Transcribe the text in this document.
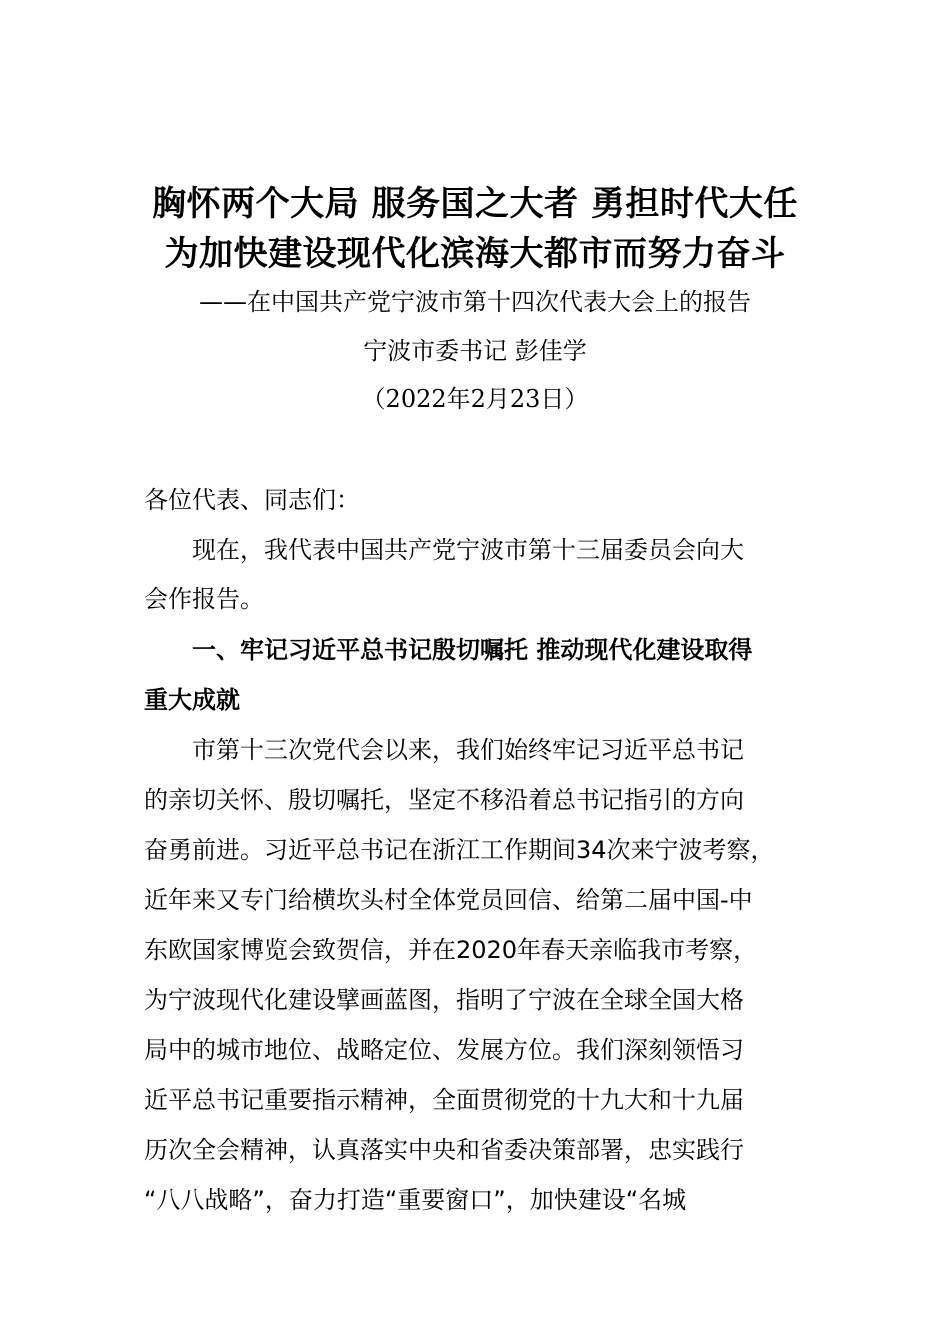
胸怀两个大局 服务国之大者 勇担时代大任
为加快建设现代化滨海大都市而努力奋斗
——在中国共产党宁波市第十四次代表大会上的报告
宁波市委书记 彭佳学
（2022年2月23日）
各位代表、同志们：
现在，我代表中国共产党宁波市第十三届委员会向大
会作报告。
一、牢记习近平总书记殷切嘱托 推动现代化建设取得
重大成就
市第十三次党代会以来，我们始终牢记习近平总书记
的亲切关怀、殷切嘱托，坚定不移沿着总书记指引的方向
奋勇前进。习近平总书记在浙江工作期间34次来宁波考察，
近年来又专门给横坎头村全体党员回信、给第二届中国-中
东欧国家博览会致贺信，并在2020年春天亲临我市考察，
为宁波现代化建设擘画蓝图，指明了宁波在全球全国大格
局中的城市地位、战略定位、发展方位。我们深刻领悟习
近平总书记重要指示精神，全面贯彻党的十九大和十九届
历次全会精神，认真落实中央和省委决策部署，忠实践行
“八八战略”，奋力打造“重要窗口”，加快建设“名城
